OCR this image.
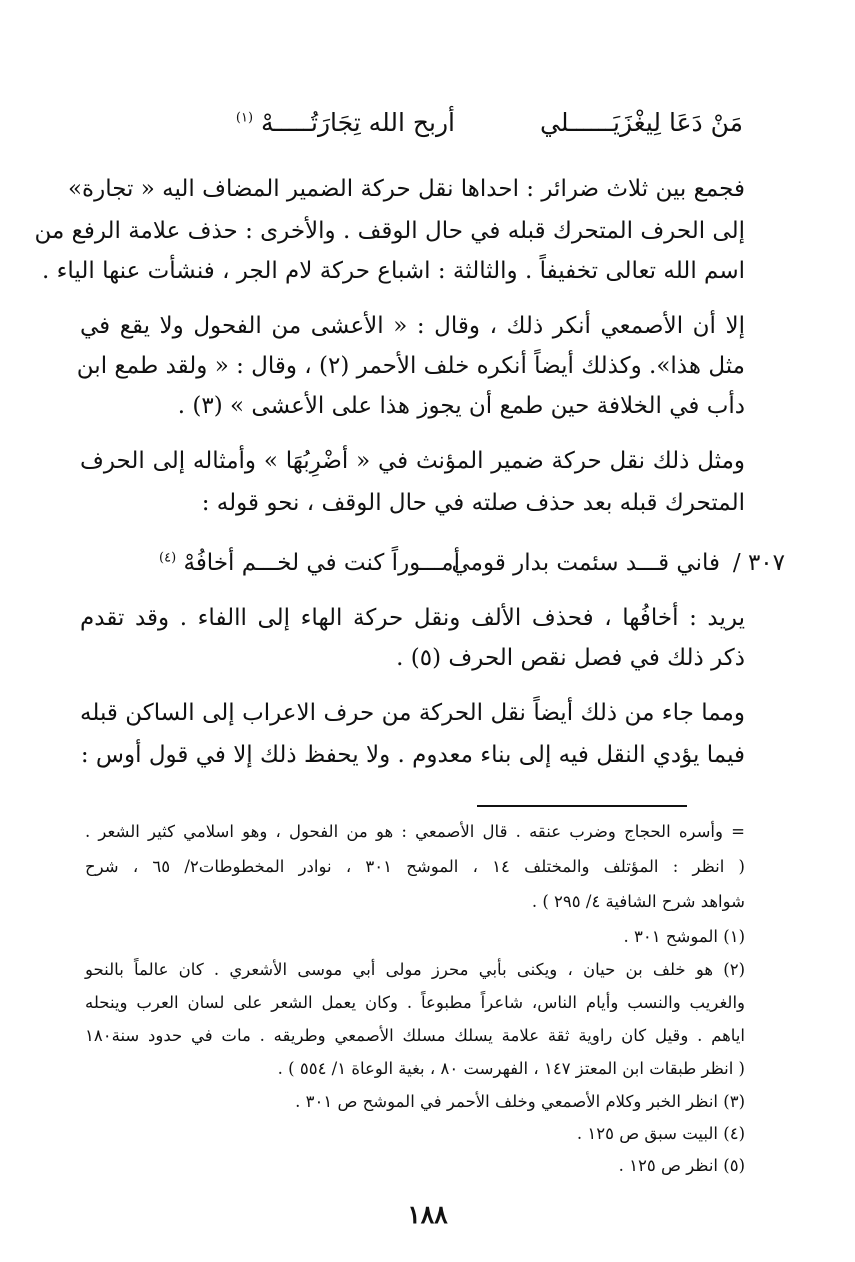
مَنْ دَعَا لِيغْزَيَــــــلي
أربح الله تِجَارَتُـــــهْ $^{(١)}$
فجمع بين ثلاث ضرائر : احداها نقل حركة الضمير المضاف اليه « تجارة»
إلى الحرف المتحرك قبله في حال الوقف . والأخرى : حذف علامة الرفع من
اسم الله تعالى تخفيفاً . والثالثة : اشباع حركة لام الجر ، فنشأت عنها الياء .
إلا أن الأصمعي أنكر ذلك ، وقال : « الأعشى من الفحول ولا يقع في
مثل هذا». وكذلك أيضاً أنكره خلف الأحمر (٢) ، وقال : « ولقد طمع ابن
دأب في الخلافة حين طمع أن يجوز هذا على الأعشى » (٣) .
ومثل ذلك نقل حركة ضمير المؤنث في « أضْرِبُهَا » وأمثاله إلى الحرف
المتحرك قبله بعد حذف صلته في حال الوقف ، نحو قوله :
٣٠٧ /
فاني قـــد سئمت بدار قومي
أمـــوراً كنت في لخـــم أخافُهْ $^{(٤)}$
يريد : أخافُها ، فحذف الألف ونقل حركة الهاء إلى االفاء . وقد تقدم
ذكر ذلك في فصل نقص الحرف (٥) .
ومما جاء من ذلك أيضاً نقل الحركة من حرف الاعراب إلى الساكن قبله
فيما يؤدي النقل فيه إلى بناء معدوم . ولا يحفظ ذلك إلا في قول أوس :
= وأسره الحجاج وضرب عنقه . قال الأصمعي : هو من الفحول ، وهو اسلامي كثير الشعر .
( انظر : المؤتلف والمختلف ١٤ ، الموشح ٣٠١ ، نوادر المخطوطات٢/ ٦٥ ، شرح
شواهد شرح الشافية ٤/ ٢٩٥ ) .
(١) الموشح ٣٠١ .
(٢) هو خلف بن حيان ، ويكنى بأبي محرز مولى أبي موسى الأشعري . كان عالماً بالنحو
والغريب والنسب وأيام الناس، شاعراً مطبوعاً . وكان يعمل الشعر على لسان العرب وينحله
اياهم . وقيل كان راوية ثقة علامة يسلك مسلك الأصمعي وطريقه . مات في حدود سنة١٨٠
( انظر طبقات ابن المعتز ١٤٧ ، الفهرست ٨٠ ، بغية الوعاة ١/ ٥٥٤ ) .
(٣) انظر الخبر وكلام الأصمعي وخلف الأحمر في الموشح ص ٣٠١ .
(٤) البيت سبق ص ١٢٥ .
(٥) انظر ص ١٢٥ .
١٨٨
